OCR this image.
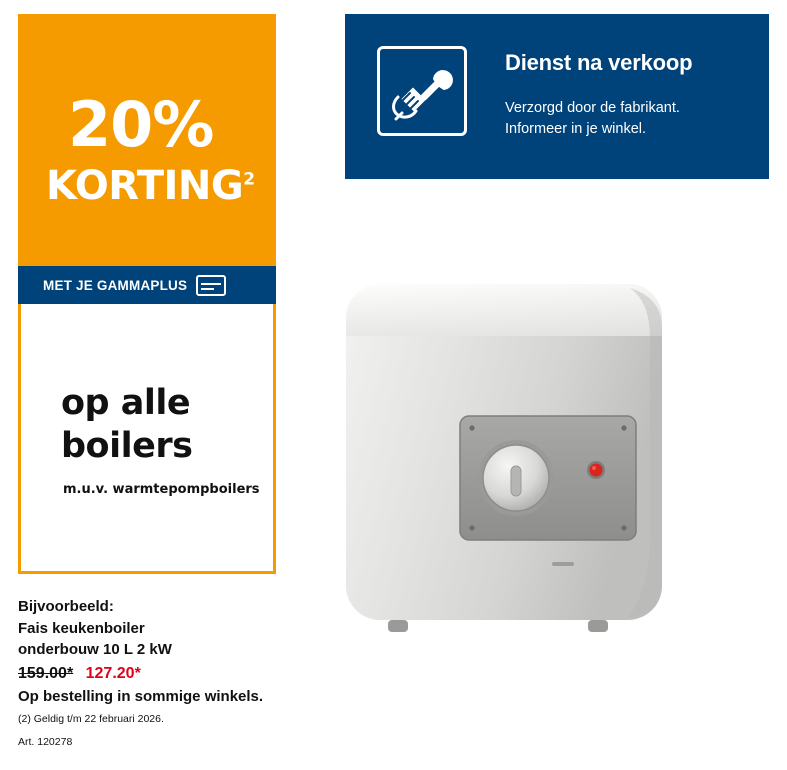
20%
KORTING$^2$
MET JE GAMMAPLUS
op alle
boilers
m.u.v. warmtepompboilers
Dienst na verkoop
Verzorgd door de fabrikant. Informeer in je winkel.
Bijvoorbeeld:
Fais keukenboiler
onderbouw 10 L 2 kW
159.00* 127.20*
Op bestelling in sommige winkels.
(2) Geldig t/m 22 februari 2026.
Art. 120278
